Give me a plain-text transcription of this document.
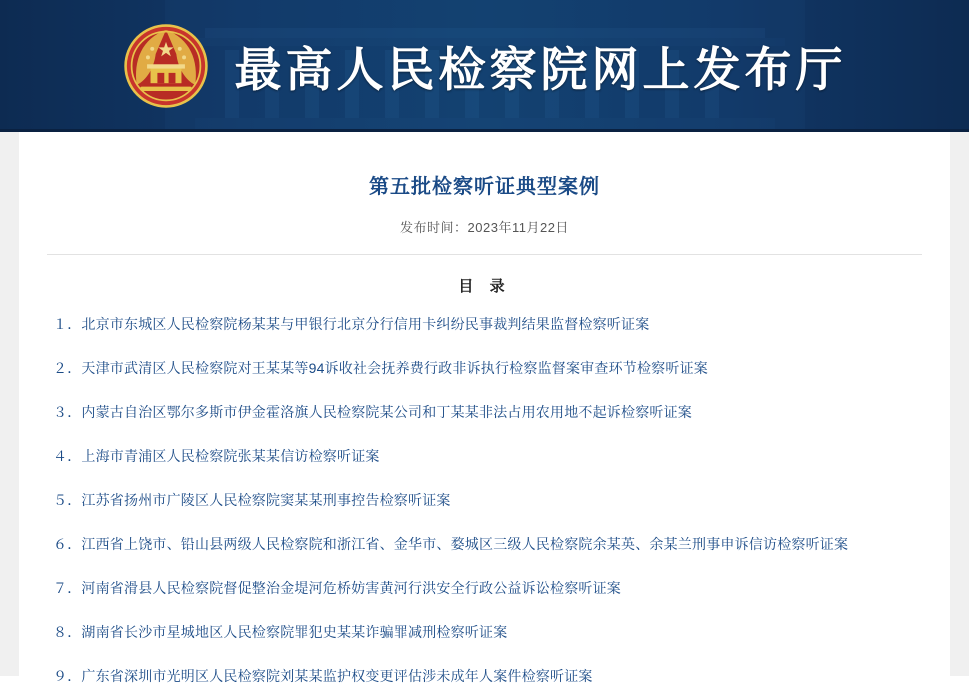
最高人民检察院网上发布厅
第五批检察听证典型案例
发布时间：2023年11月22日
目 录
１．北京市东城区人民检察院杨某某与甲银行北京分行信用卡纠纷民事裁判结果监督检察听证案
２．天津市武清区人民检察院对王某某等94诉收社会抚养费行政非诉执行检察监督案审查环节检察听证案
３．内蒙古自治区鄂尔多斯市伊金霍洛旗人民检察院某公司和丁某某非法占用农用地不起诉检察听证案
４．上海市青浦区人民检察院张某某信访检察听证案
５．江苏省扬州市广陵区人民检察院窦某某刑事控告检察听证案
６．江西省上饶市、铅山县两级人民检察院和浙江省、金华市、婺城区三级人民检察院余某英、余某兰刑事申诉信访检察听证案
７．河南省滑县人民检察院督促整治金堤河危桥妨害黄河行洪安全行政公益诉讼检察听证案
８．湖南省长沙市星城地区人民检察院罪犯史某某诈骗罪减刑检察听证案
９．广东省深圳市光明区人民检察院刘某某监护权变更评估涉未成年人案件检察听证案
